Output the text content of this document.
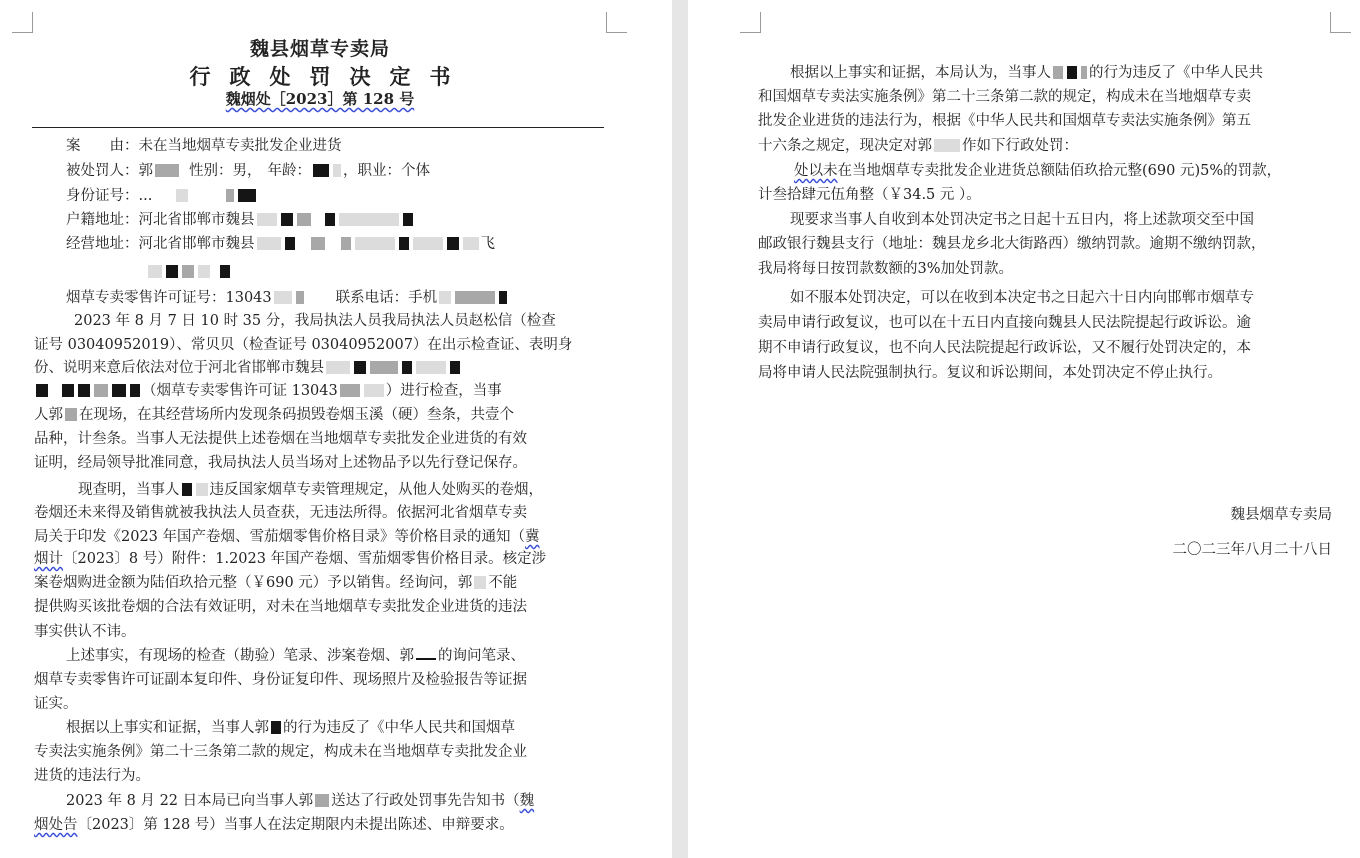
魏县烟草专卖局
行政处罚决定书
魏烟处［2023］第 128 号
案　　由：未在当地烟草专卖批发企业进货
被处罚人：郭 性别：男， 年龄： ，职业：个体
身份证号：...
户籍地址：河北省邯郸市魏县
经营地址：河北省邯郸市魏县	飞
烟草专卖零售许可证号：13043	联系电话：手机
2023 年 8 月 7 日 10 时 35 分，我局执法人员我局执法人员赵松信（检查
证号 03040952019）、常贝贝（检查证号 03040952007）在出示检查证、表明身
份、说明来意后依法对位于河北省邯郸市魏县
（烟草专卖零售许可证 13043	）进行检查，当事
人郭 在现场，在其经营场所内发现条码损毁卷烟玉溪（硬）叁条，共壹个
品种，计叁条。当事人无法提供上述卷烟在当地烟草专卖批发企业进货的有效
证明，经局领导批准同意，我局执法人员当场对上述物品予以先行登记保存。
现查明，当事人 违反国家烟草专卖管理规定，从他人处购买的卷烟，
卷烟还未来得及销售就被我执法人员查获，无违法所得。依据河北省烟草专卖
局关于印发《2023 年国产卷烟、雪茄烟零售价格目录》等价格目录的通知（冀
烟计〔2023〕8 号）附件：1.2023 年国产卷烟、雪茄烟零售价格目录。核定涉
案卷烟购进金额为陆佰玖拾元整（￥690 元）予以销售。经询问，郭 不能
提供购买该批卷烟的合法有效证明，对未在当地烟草专卖批发企业进货的违法
事实供认不讳。
上述事实，有现场的检查（勘验）笔录、涉案卷烟、郭 的询问笔录、
烟草专卖零售许可证副本复印件、身份证复印件、现场照片及检验报告等证据
证实。
根据以上事实和证据，当事人郭 的行为违反了《中华人民共和国烟草
专卖法实施条例》第二十三条第二款的规定，构成未在当地烟草专卖批发企业
进货的违法行为。
2023 年 8 月 22 日本局已向当事人郭 送达了行政处罚事先告知书（魏
烟处告〔2023〕第 128 号）当事人在法定期限内未提出陈述、申辩要求。
根据以上事实和证据，本局认为，当事人	的行为违反了《中华人民共
和国烟草专卖法实施条例》第二十三条第二款的规定，构成未在当地烟草专卖
批发企业进货的违法行为，根据《中华人民共和国烟草专卖法实施条例》第五
十六条之规定，现决定对郭 作如下行政处罚：
处以未在当地烟草专卖批发企业进货总额陆佰玖拾元整(690 元)5%的罚款，
计叁拾肆元伍角整（￥34.5 元 ）。
现要求当事人自收到本处罚决定书之日起十五日内，将上述款项交至中国
邮政银行魏县支行（地址：魏县龙乡北大街路西）缴纳罚款。逾期不缴纳罚款，
我局将每日按罚款数额的3%加处罚款。
如不服本处罚决定，可以在收到本决定书之日起六十日内向邯郸市烟草专
卖局申请行政复议，也可以在十五日内直接向魏县人民法院提起行政诉讼。逾
期不申请行政复议，也不向人民法院提起行政诉讼，又不履行处罚决定的，本
局将申请人民法院强制执行。复议和诉讼期间，本处罚决定不停止执行。
魏县烟草专卖局
二〇二三年八月二十八日
